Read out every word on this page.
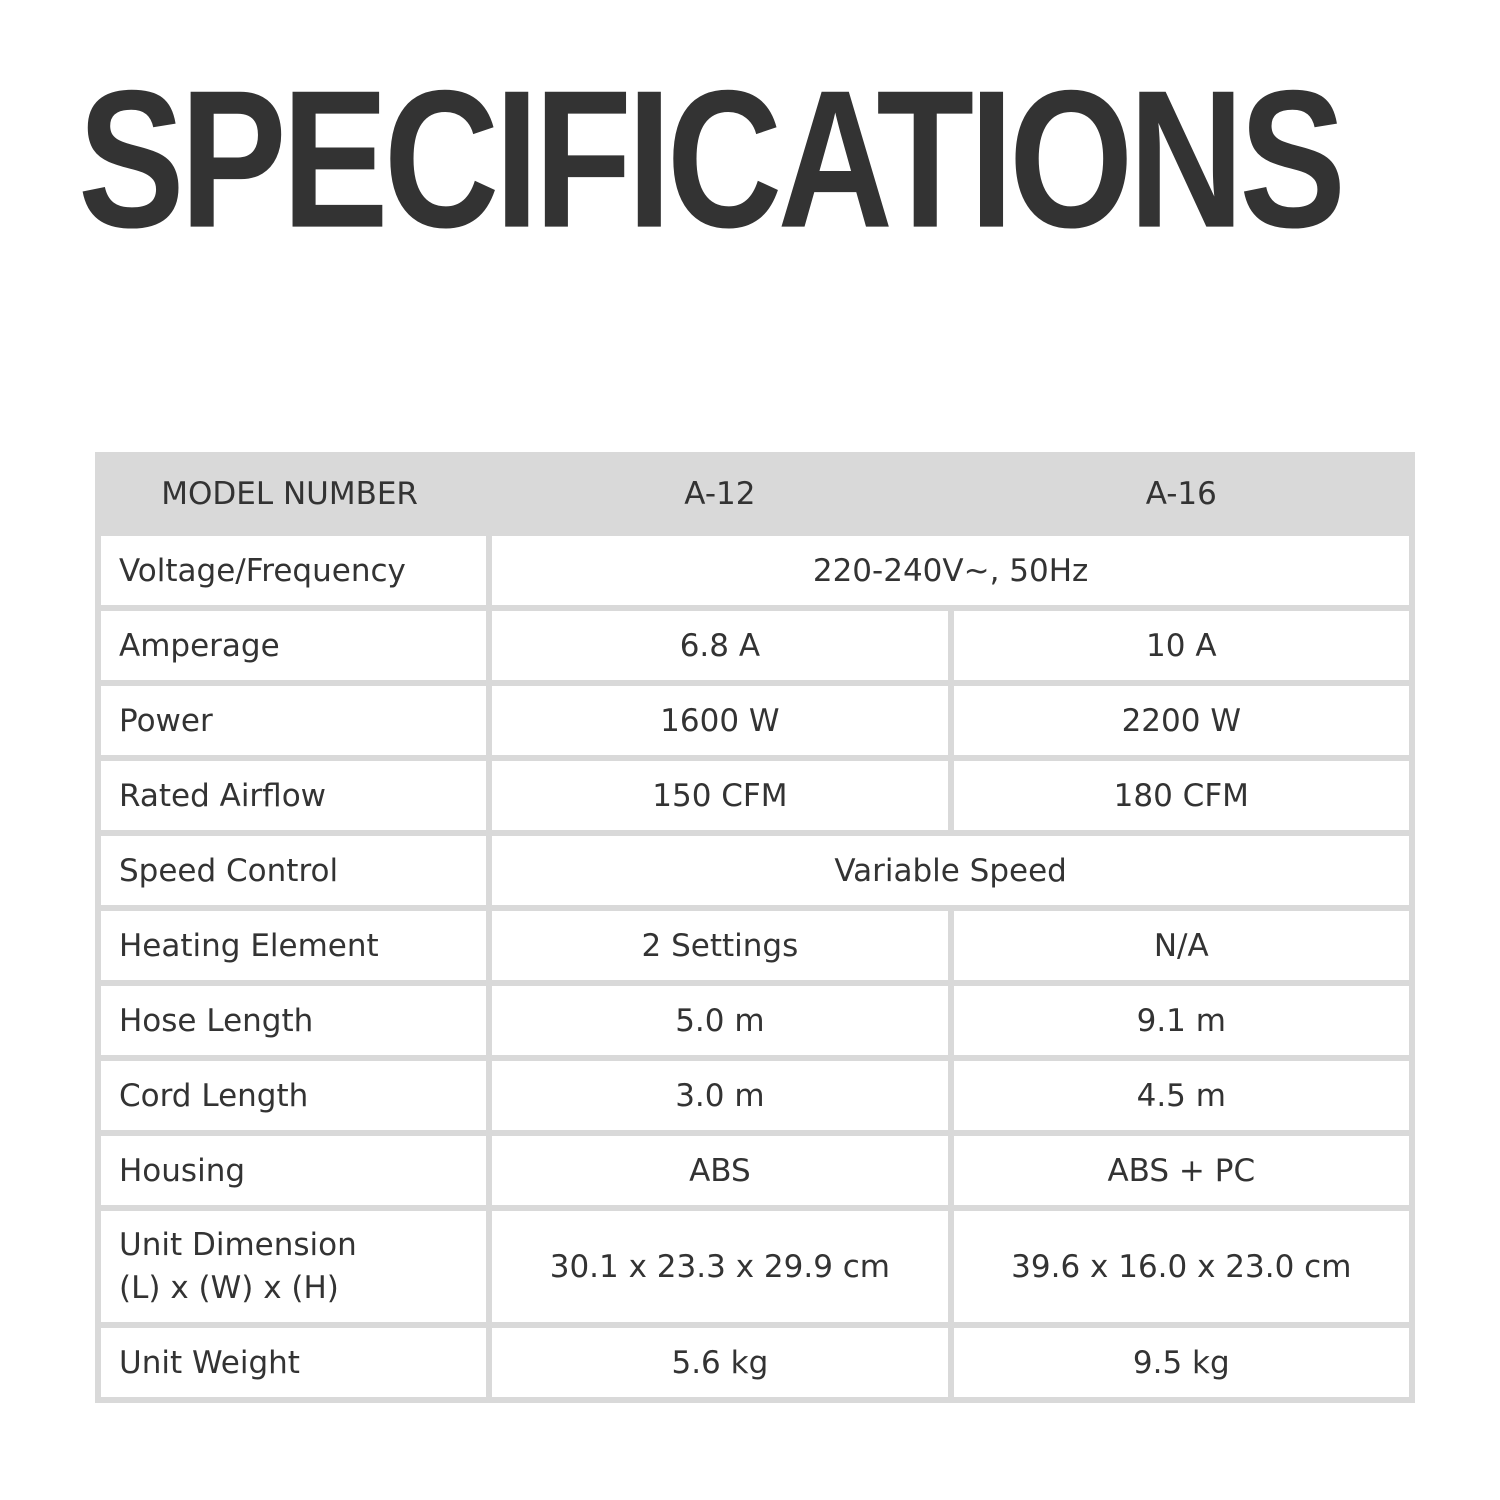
SPECIFICATIONS
MODEL NUMBER	A-12	A-16
Voltage/Frequency	220-240V~, 50Hz	
Amperage	6.8 A	10 A
Power	1600 W	2200 W
Rated Airflow	150 CFM	180 CFM
Speed Control	Variable Speed	
Heating Element	2 Settings	N/A
Hose Length	5.0 m	9.1 m
Cord Length	3.0 m	4.5 m
Housing	ABS	ABS + PC
Unit Dimension
(L) x (W) x (H)	30.1 x 23.3 x 29.9 cm	39.6 x 16.0 x 23.0 cm
Unit Weight	5.6 kg	9.5 kg
